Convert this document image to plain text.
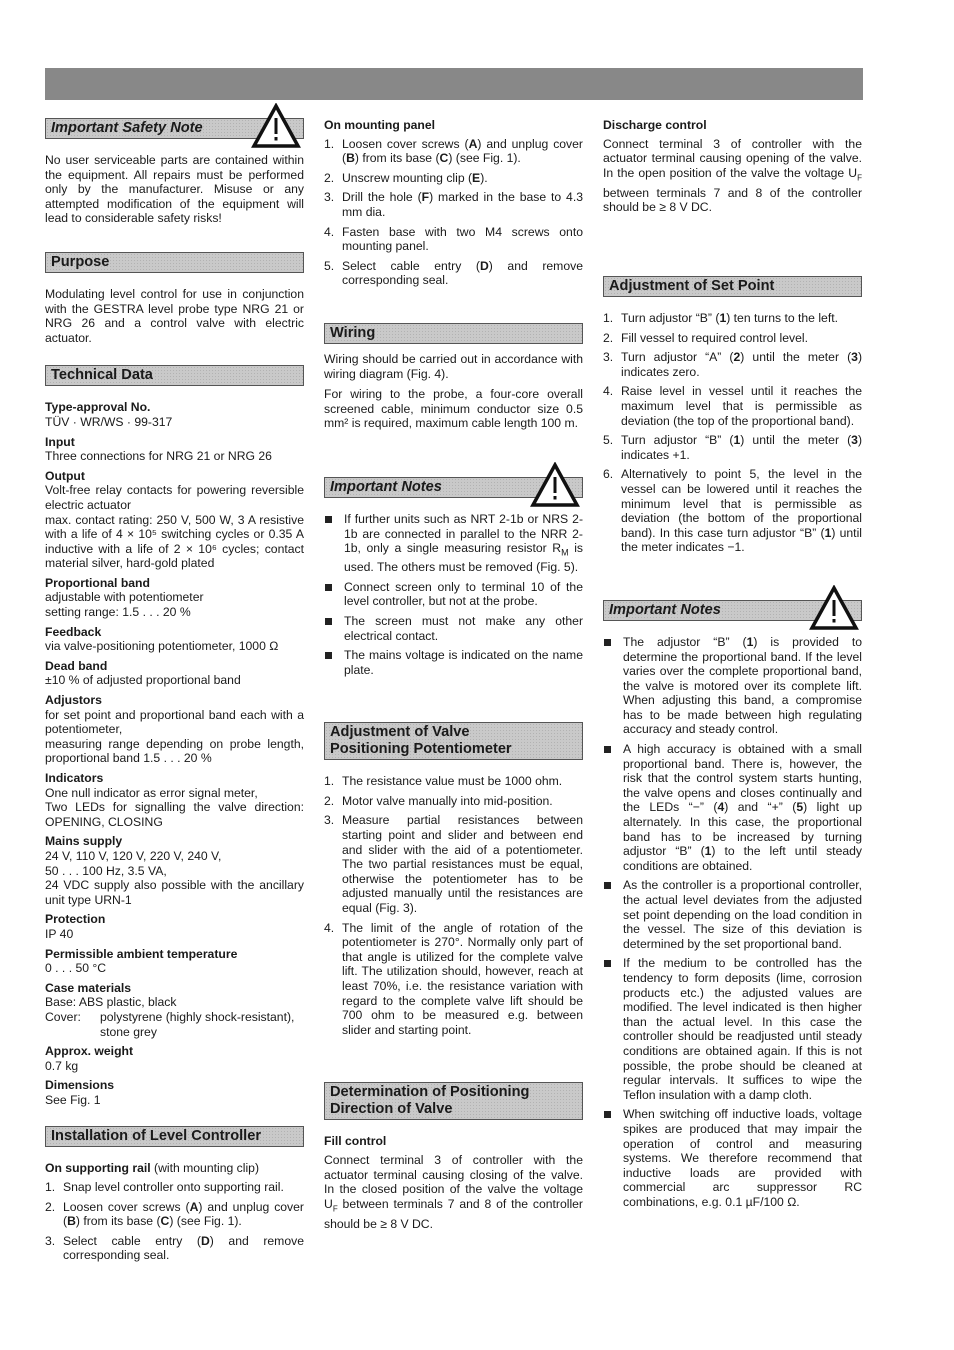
Important Safety Note

No user serviceable parts are contained within the equipment. All repairs must be performed only by the manufacturer. Misuse or any attempted modification of the equipment will lead to considerable safety risks!

Purpose

Modulating level control for use in conjunction with the GESTRA level probe type NRG 21 or NRG 26 and a control valve with electric actuator.

Technical Data

Type-approval No.

TÜV · WR/WS · 99-317

Input

Three connections for NRG 21 or NRG 26

Output

Volt-free relay contacts for powering reversible electric actuator
max. contact rating: 250 V, 500 W, 3 A resistive with a life of 4 × 10⁵ switching cycles or 0.35 A inductive with a life of 2 × 10⁶ cycles; contact material silver, hard-gold plated

Proportional band

adjustable with potentiometer
setting range: 1.5 . . . 20 %

Feedback

via valve-positioning potentiometer, 1000 Ω

Dead band

±10 % of adjusted proportional band

Adjustors

for set point and proportional band each with a potentiometer,
measuring range depending on probe length, proportional band 1.5 . . . 20 %

Indicators

One null indicator as error signal meter,
Two LEDs for signalling the valve direction: OPENING, CLOSING

Mains supply

24 V, 110 V, 120 V, 220 V, 240 V,
50 . . . 100 Hz, 3.5 VA,
24 VDC supply also possible with the ancillary unit type URN-1

Protection

IP 40

Permissible ambient temperature

0 . . . 50 °C

Case materials

Base: ABS plastic, black
Cover:	polystyrene (highly shock-resistant), stone grey

Approx. weight

0.7 kg

Dimensions

See Fig. 1
Installation of Level Controller

On supporting rail (with mounting clip)

1. Snap level controller onto supporting rail.
2. Loosen cover screws (A) and unplug cover (B) from its base (C) (see Fig. 1).
3. Select cable entry (D) and remove corresponding seal.

On mounting panel

1. Loosen cover screws (A) and unplug cover (B) from its base (C) (see Fig. 1).
2. Unscrew mounting clip (E).
3. Drill the hole (F) marked in the base to 4.3 mm dia.
4. Fasten base with two M4 screws onto mounting panel.
5. Select cable entry (D) and remove corresponding seal.
Wiring

Wiring should be carried out in accordance with wiring diagram (Fig. 4).

For wiring to the probe, a four-core overall screened cable, minimum conductor size 0.5 mm² is required, maximum cable length 100 m.

Important Notes
If further units such as NRT 2-1b or NRS 2-1b are connected in parallel to the NRR 2-1b, only a single measuring resistor $R_M$ is used. The others must be removed (Fig. 5).
Connect screen only to terminal 10 of the level controller, but not at the probe.
The screen must not make any other electrical contact.
The mains voltage is indicated on the name plate.
Adjustment of Valve
Positioning Potentiometer
1. The resistance value must be 1000 ohm.
2. Motor valve manually into mid-position.
3. Measure partial resistances between starting point and slider and between end and slider with the aid of a potentiometer. The two partial resistances must be equal, otherwise the potentiometer has to be adjusted manually until the resistances are equal (Fig. 3).
4. The limit of the angle of rotation of the potentiometer is 270°. Normally only part of that angle is utilized for the complete valve lift. The utilization should, however, reach at least 70%, i.e. the resistance variation with regard to the complete valve lift should be 700 ohm to be measured e.g. between slider and starting point.
Determination of Positioning
Direction of Valve

Fill control

Connect terminal 3 of controller with the actuator terminal causing closing of the valve. In the closed position of the valve the voltage $U_F$ between terminals 7 and 8 of the controller should be ≥ 8 V DC.

Discharge control

Connect terminal 3 of controller with the actuator terminal causing opening of the valve. In the open position of the valve the voltage $U_F$ between terminals 7 and 8 of the controller should be ≥ 8 V DC.

Adjustment of Set Point
1. Turn adjustor “B” (1) ten turns to the left.
2. Fill vessel to required control level.
3. Turn adjustor “A” (2) until the meter (3) indicates zero.
4. Raise level in vessel until it reaches the maximum level that is permissible as deviation (the top of the proportional band).
5. Turn adjustor “B” (1) until the meter (3) indicates +1.
6. Alternatively to point 5, the level in the vessel can be lowered until it reaches the minimum level that is permissible as deviation (the bottom of the proportional band). In this case turn adjustor “B” (1) until the meter indicates −1.
Important Notes
The adjustor “B” (1) is provided to determine the proportional band. If the level varies over the complete proportional band, the valve is motored over its complete lift. When adjusting this band, a compromise has to be made between high regulating accuracy and steady control.
A high accuracy is obtained with a small proportional band. There is, however, the risk that the control system starts hunting, the valve opens and closes continually and the LEDs “−” (4) and “+” (5) light up alternately. In this case, the proportional band has to be increased by turning adjustor “B” (1) to the left until steady conditions are obtained.
As the controller is a proportional controller, the actual level deviates from the adjusted set point depending on the load condition in the vessel. The size of this deviation is determined by the set proportional band.
If the medium to be controlled has the tendency to form deposits (lime, corrosion products etc.) the adjusted values are modified. The level indicated is then higher than the actual level. In this case the controller should be readjusted until steady conditions are obtained again. If this is not possible, the probe should be cleaned at regular intervals. It suffices to wipe the Teflon insulation with a damp cloth.
When switching off inductive loads, voltage spikes are produced that may impair the operation of control and measuring systems. We therefore recommend that inductive loads are provided with commercial arc suppressor RC combinations, e.g. 0.1 µF/100 Ω.
